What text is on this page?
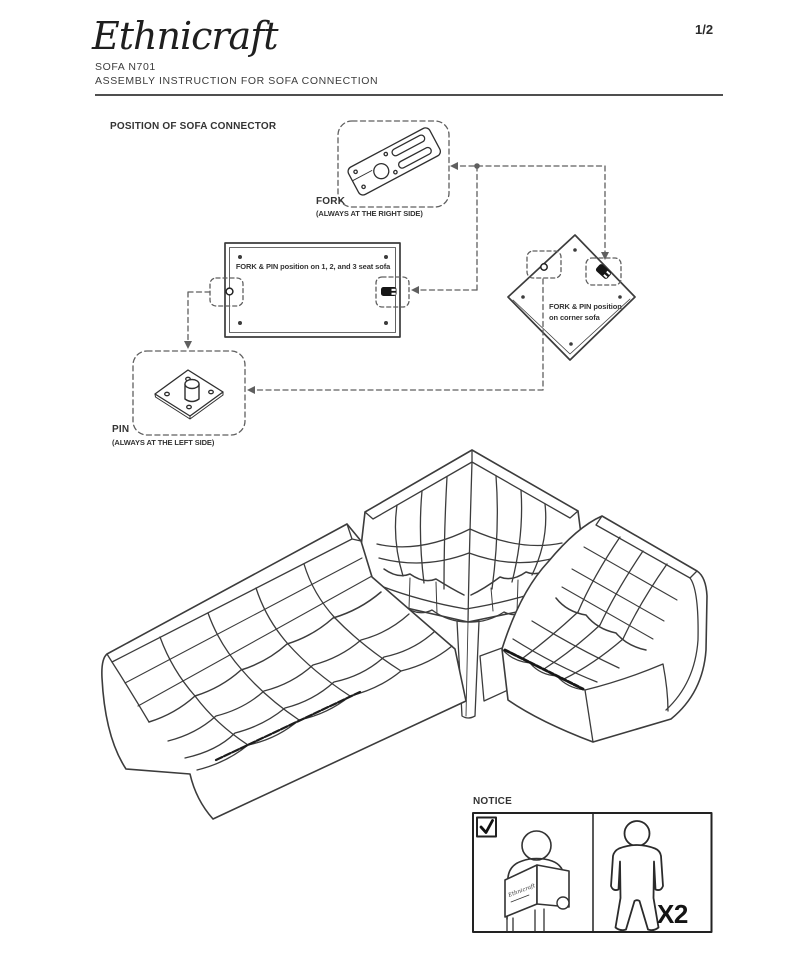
Ethnicraft
Ethnicraft	1/2
SOFA N701
ASSEMBLY INSTRUCTION FOR SOFA CONNECTION
POSITION OF SOFA CONNECTOR
FORK
(ALWAYS AT THE RIGHT SIDE)
FORK & PIN position on 1, 2, and 3 seat sofa
FORK & PIN position
on corner sofa
PIN
(ALWAYS AT THE LEFT SIDE)
NOTICE
X2
